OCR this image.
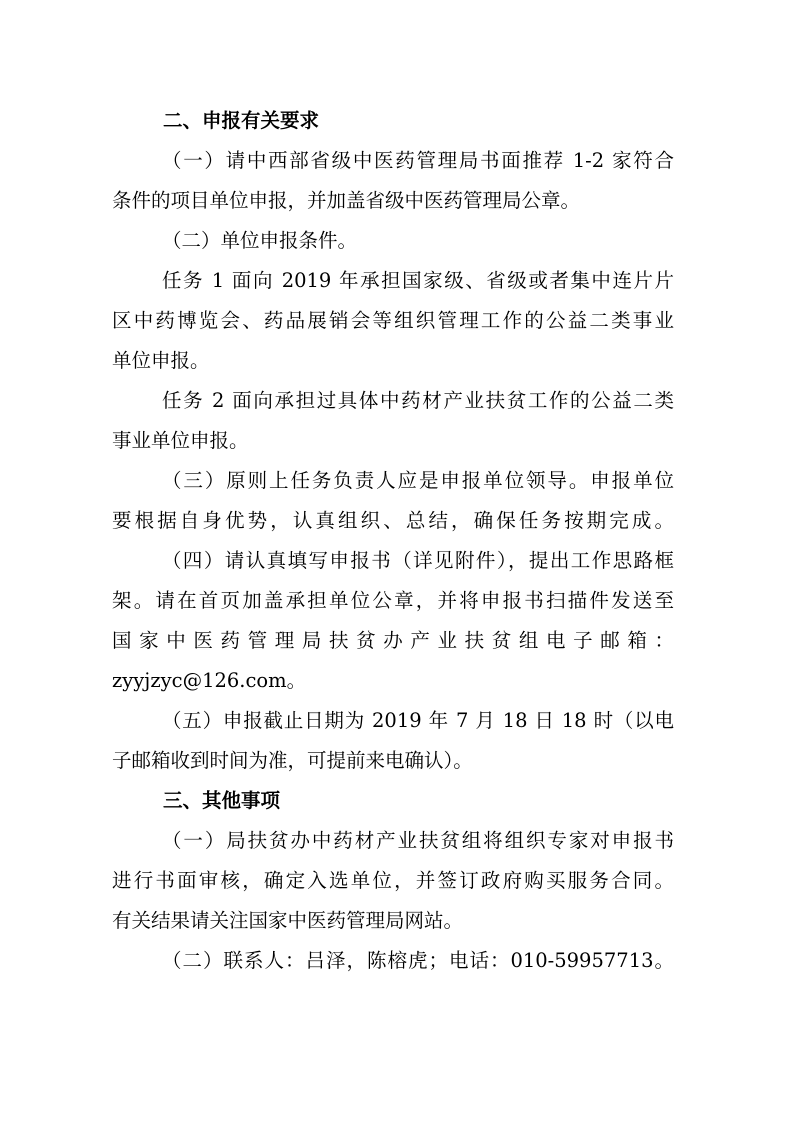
二、申报有关要求
（一）请中西部省级中医药管理局书面推荐 1-2 家符合
条件的项目单位申报，并加盖省级中医药管理局公章。
（二）单位申报条件。
任务 1 面向 2019 年承担国家级、省级或者集中连片片
区中药博览会、药品展销会等组织管理工作的公益二类事业
单位申报。
任务 2 面向承担过具体中药材产业扶贫工作的公益二类
事业单位申报。
（三）原则上任务负责人应是申报单位领导。申报单位
要根据自身优势，认真组织、总结，确保任务按期完成。
（四）请认真填写申报书（详见附件），提出工作思路框
架。请在首页加盖承担单位公章，并将申报书扫描件发送至
国家中医药管理局扶贫办产业扶贫组电子邮箱：
zyyjzyc@126.com。
（五）申报截止日期为 2019 年 7 月 18 日 18 时（以电
子邮箱收到时间为准，可提前来电确认）。
三、其他事项
（一）局扶贫办中药材产业扶贫组将组织专家对申报书
进行书面审核，确定入选单位，并签订政府购买服务合同。
有关结果请关注国家中医药管理局网站。
（二）联系人：吕泽，陈榕虎；电话：010-59957713。
